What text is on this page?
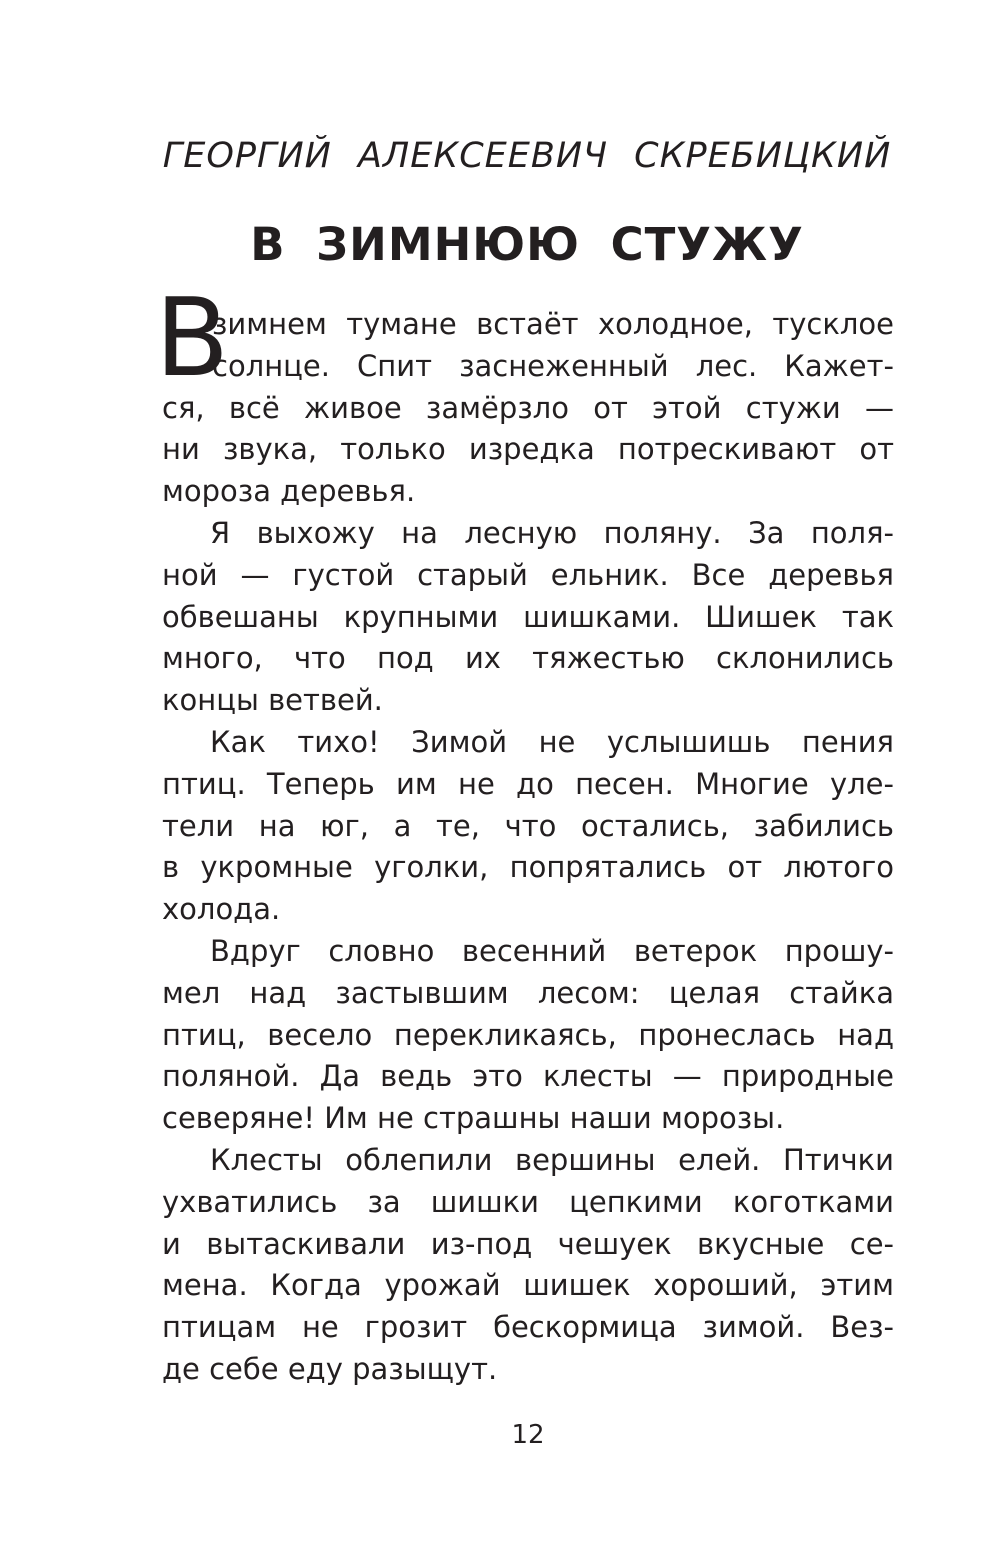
ГЕОРГИЙ АЛЕКСЕЕВИЧ СКРЕБИЦКИЙ
В ЗИМНЮЮ СТУЖУ
В
зимнем тумане встаёт холодное, тусклое
солнце. Спит заснеженный лес. Кажет-
ся, всё живое замёрзло от этой стужи —
ни звука, только изредка потрескивают от
мороза деревья.
Я выхожу на лесную поляну. За поля-
ной — густой старый ельник. Все деревья
обвешаны крупными шишками. Шишек так
много, что под их тяжестью склонились
концы ветвей.
Как тихо! Зимой не услышишь пения
птиц. Теперь им не до песен. Многие уле-
тели на юг, а те, что остались, забились
в укромные уголки, попрятались от лютого
холода.
Вдруг словно весенний ветерок прошу-
мел над застывшим лесом: целая стайка
птиц, весело перекликаясь, пронеслась над
поляной. Да ведь это клесты — природные
северяне! Им не страшны наши морозы.
Клесты облепили вершины елей. Птички
ухватились за шишки цепкими коготками
и вытаскивали из-под чешуек вкусные се-
мена. Когда урожай шишек хороший, этим
птицам не грозит бескормица зимой. Вез-
де себе еду разыщут.
12
